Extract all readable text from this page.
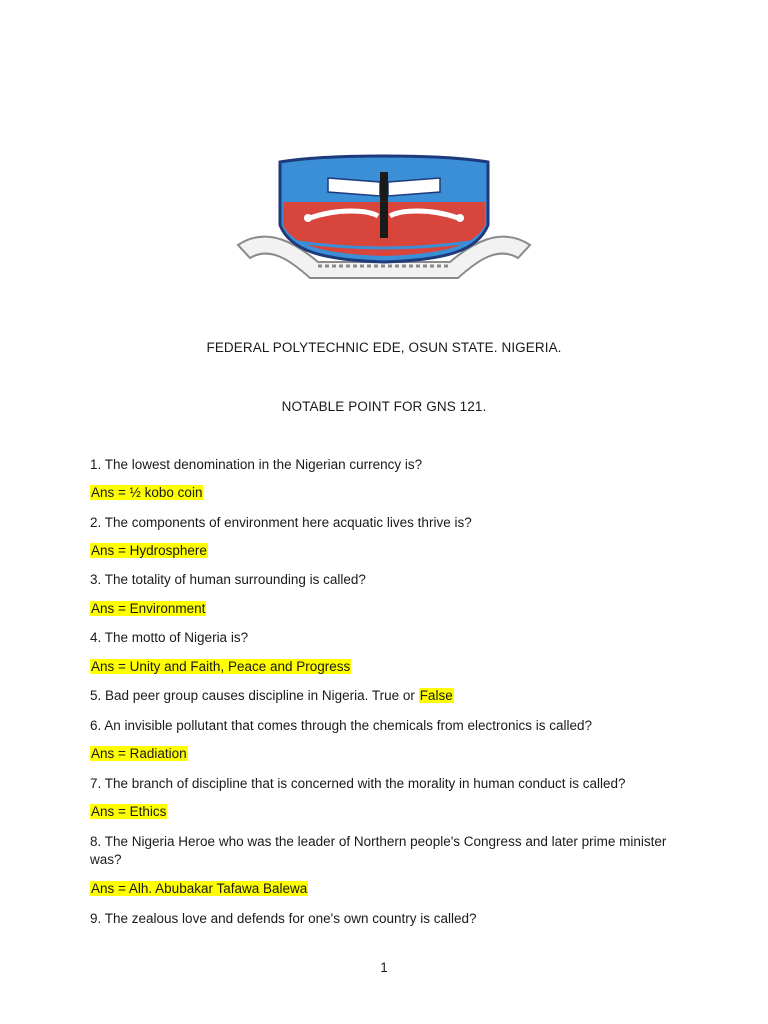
FEDERAL POLYTECHNIC EDE, OSUN STATE. NIGERIA.
NOTABLE POINT FOR GNS 121.
1. The lowest denomination in the Nigerian currency is?
Ans = ½ kobo coin
2. The components of environment here acquatic lives thrive is?
Ans = Hydrosphere
3. The totality of human surrounding is called?
Ans = Environment
4. The motto of Nigeria is?
Ans = Unity and Faith, Peace and Progress
5. Bad peer group causes discipline in Nigeria. True or False
6. An invisible pollutant that comes through the chemicals from electronics is called?
Ans = Radiation
7. The branch of discipline that is concerned with the morality in human conduct is called?
Ans = Ethics
8. The Nigeria Heroe who was the leader of Northern people's Congress and later prime minister was?
Ans = Alh. Abubakar Tafawa Balewa
9. The zealous love and defends for one's own country is called?
1
